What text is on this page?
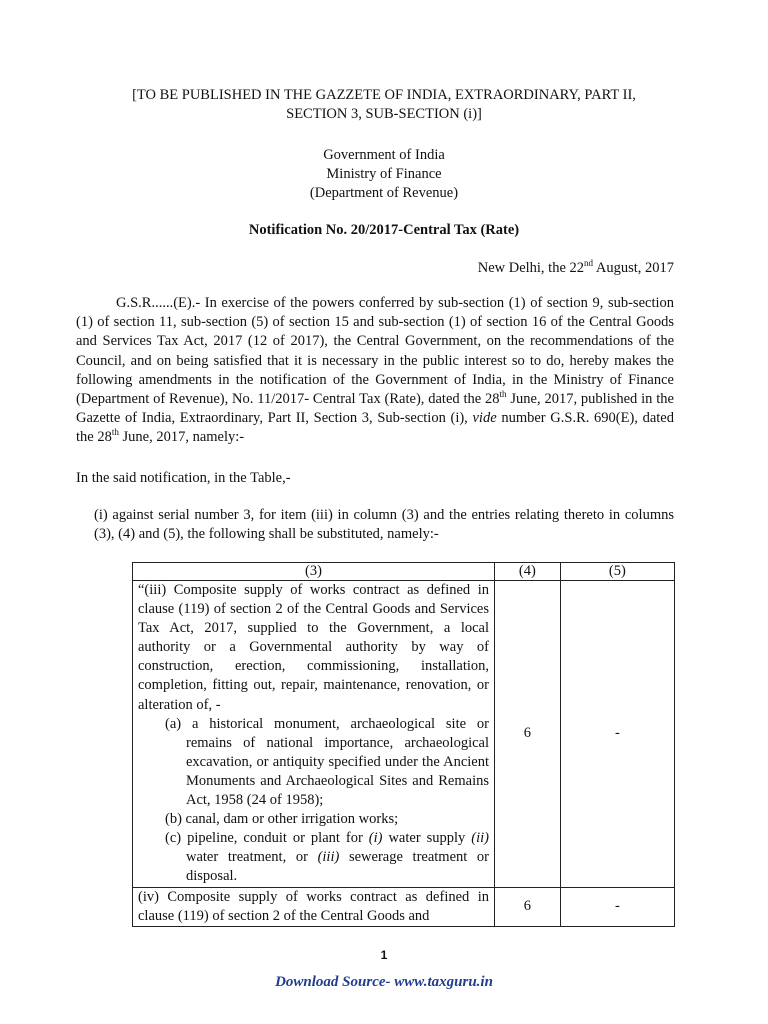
[TO BE PUBLISHED IN THE GAZZETE OF INDIA, EXTRAORDINARY, PART II,
SECTION 3, SUB-SECTION (i)]
Government of India
Ministry of Finance
(Department of Revenue)
Notification No. 20/2017-Central Tax (Rate)
New Delhi, the 22nd August, 2017
G.S.R......(E).- In exercise of the powers conferred by sub-section (1) of section 9, sub-section (1) of section 11, sub-section (5) of section 15 and sub-section (1) of section 16 of the Central Goods and Services Tax Act, 2017 (12 of 2017), the Central Government, on the recommendations of the Council, and on being satisfied that it is necessary in the public interest so to do, hereby makes the following amendments in the notification of the Government of India, in the Ministry of Finance (Department of Revenue), No. 11/2017- Central Tax (Rate), dated the 28th June, 2017, published in the Gazette of India, Extraordinary, Part II, Section 3, Sub-section (i), vide number G.S.R. 690(E), dated the 28th June, 2017, namely:-
In the said notification, in the Table,-
(i) against serial number 3, for item (iii) in column (3) and the entries relating thereto in columns (3), (4) and (5), the following shall be substituted, namely:-
(3)	(4)	(5)

“(iii) Composite supply of works contract as defined in clause (119) of section 2 of the Central Goods and Services Tax Act, 2017, supplied to the Government, a local authority or a Governmental authority by way of construction, erection, commissioning, installation, completion, fitting out, repair, maintenance, renovation, or alteration of, -
(a) a historical monument, archaeological site or remains of national importance, archaeological excavation, or antiquity specified under the Ancient Monuments and Archaeological Sites and Remains Act, 1958 (24 of 1958);
(b) canal, dam or other irrigation works;
(c) pipeline, conduit or plant for (i) water supply (ii) water treatment, or (iii) sewerage treatment or disposal.	6	-
(iv) Composite supply of works contract as defined in clause (119) of section 2 of the Central Goods and	6	-
1
Download Source- www.taxguru.in
